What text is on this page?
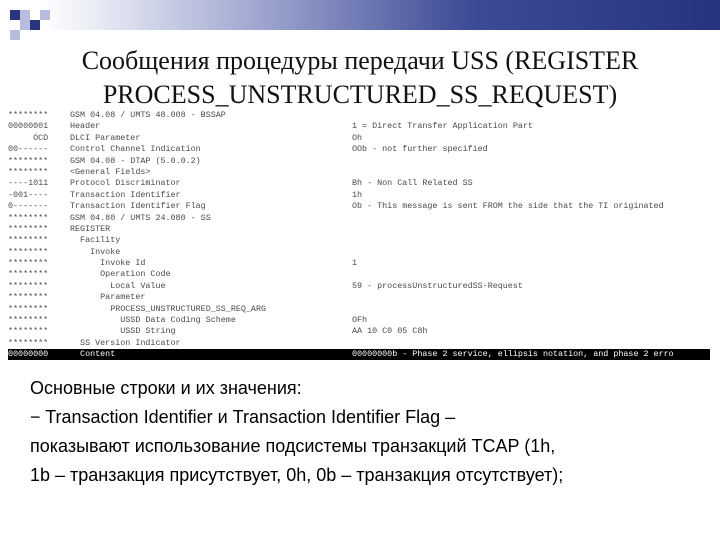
Сообщения процедуры передачи USS (REGISTER
PROCESS_UNSTRUCTURED_SS_REQUEST)
********	GSM 04.08 / UMTS 48.008 - BSSAP
00000001	Header	1 = Direct Transfer Application Part
OCD	DLCI Parameter	Oh
00------	Control Channel Indication	OOb - not further specified
********	GSM 04.08 - DTAP (5.0.0.2)
********	<General Fields>
----1011	Protocol Discriminator	Bh - Non Call Related SS
-001----	Transaction Identifier	1h
0-------	Transaction Identifier Flag	Ob - This message is sent FROM the side that the TI originated
********	GSM 04.80 / UMTS 24.080 - SS
********	REGISTER
********	Facility
********	Invoke
********	Invoke Id	1
********	Operation Code
********	Local Value	59 - processUnstructuredSS-Request
********	Parameter
********	PROCESS_UNSTRUCTURED_SS_REQ_ARG
********	USSD Data Coding Scheme	OFh
********	USSD String	AA 10 C0 05 C8h
********	SS Version Indicator
00000000	Content	00000000b - Phase 2 service, ellipsis notation, and phase 2 erro

Основные строки и их значения:

− Transaction Identifier и Transaction Identifier Flag –

показывают использование подсистемы транзакций TCAP (1h,

1b – транзакция присутствует, 0h, 0b – транзакция отсутствует);
